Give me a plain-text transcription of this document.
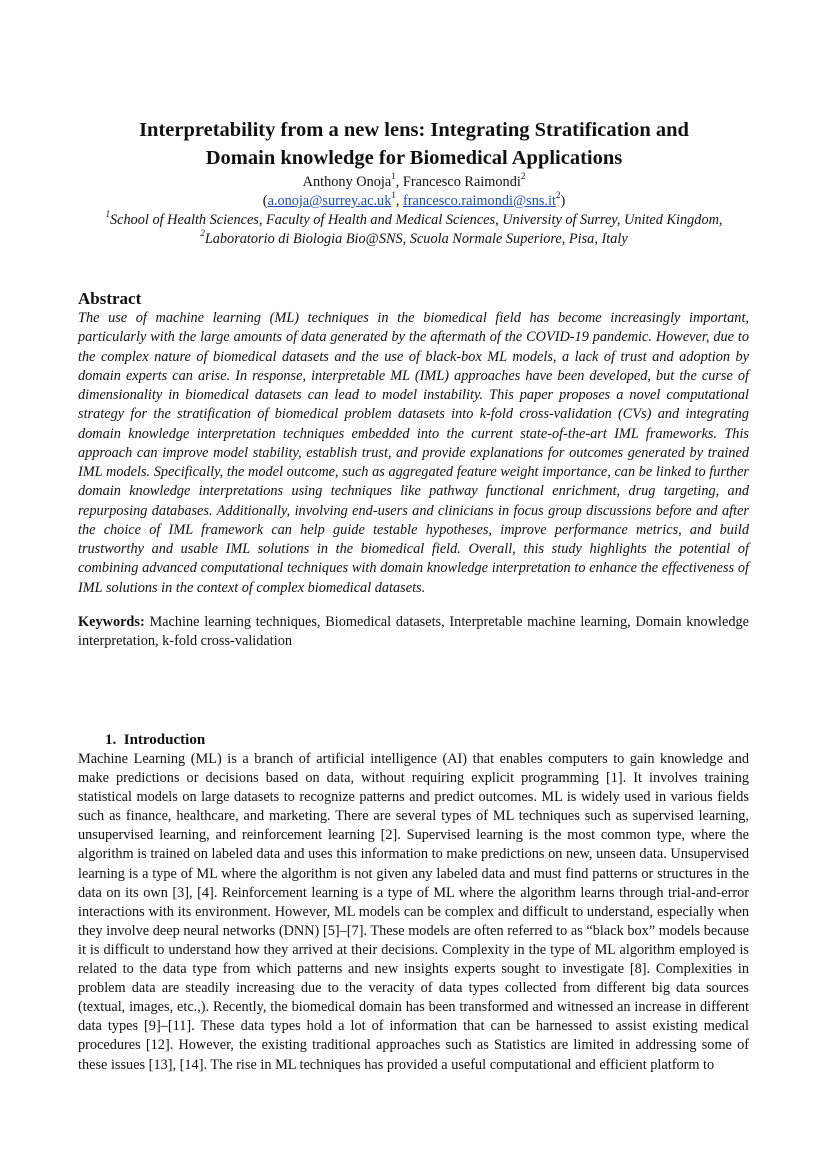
Interpretability from a new lens: Integrating Stratification and
Domain knowledge for Biomedical Applications
Anthony Onoja$^1$, Francesco Raimondi$^2$
($a.onoja@surrey.ac.uk^1$, $francesco.raimondi@sns.it^2$)
$^1$School of Health Sciences, Faculty of Health and Medical Sciences, University of Surrey, United Kingdom,
$^2$Laboratorio di Biologia Bio@SNS, Scuola Normale Superiore, Pisa, Italy
Abstract
The use of machine learning (ML) techniques in the biomedical field has become increasingly important, particularly with the large amounts of data generated by the aftermath of the COVID-19 pandemic. However, due to the complex nature of biomedical datasets and the use of black-box ML models, a lack of trust and adoption by domain experts can arise. In response, interpretable ML (IML) approaches have been developed, but the curse of dimensionality in biomedical datasets can lead to model instability. This paper proposes a novel computational strategy for the stratification of biomedical problem datasets into k-fold cross-validation (CVs) and integrating domain knowledge interpretation techniques embedded into the current state-of-the-art IML frameworks. This approach can improve model stability, establish trust, and provide explanations for outcomes generated by trained IML models. Specifically, the model outcome, such as aggregated feature weight importance, can be linked to further domain knowledge interpretations using techniques like pathway functional enrichment, drug targeting, and repurposing databases. Additionally, involving end-users and clinicians in focus group discussions before and after the choice of IML framework can help guide testable hypotheses, improve performance metrics, and build trustworthy and usable IML solutions in the biomedical field. Overall, this study highlights the potential of combining advanced computational techniques with domain knowledge interpretation to enhance the effectiveness of IML solutions in the context of complex biomedical datasets.
Keywords: Machine learning techniques, Biomedical datasets, Interpretable machine learning, Domain knowledge interpretation, k-fold cross-validation
1.  Introduction
Machine Learning (ML) is a branch of artificial intelligence (AI) that enables computers to gain knowledge and make predictions or decisions based on data, without requiring explicit programming [1]. It involves training statistical models on large datasets to recognize patterns and predict outcomes. ML is widely used in various fields such as finance, healthcare, and marketing. There are several types of ML techniques such as supervised learning, unsupervised learning, and reinforcement learning [2]. Supervised learning is the most common type, where the algorithm is trained on labeled data and uses this information to make predictions on new, unseen data. Unsupervised learning is a type of ML where the algorithm is not given any labeled data and must find patterns or structures in the data on its own [3], [4]. Reinforcement learning is a type of ML where the algorithm learns through trial-and-error interactions with its environment. However, ML models can be complex and difficult to understand, especially when they involve deep neural networks (DNN) [5]–[7]. These models are often referred to as “black box” models because it is difficult to understand how they arrived at their decisions. Complexity in the type of ML algorithm employed is related to the data type from which patterns and new insights experts sought to investigate [8]. Complexities in problem data are steadily increasing due to the veracity of data types collected from different big data sources (textual, images, etc.,). Recently, the biomedical domain has been transformed and witnessed an increase in different data types [9]–[11]. These data types hold a lot of information that can be harnessed to assist existing medical procedures [12]. However, the existing traditional approaches such as Statistics are limited in addressing some of these issues [13], [14]. The rise in ML techniques has provided a useful computational and efficient platform to
